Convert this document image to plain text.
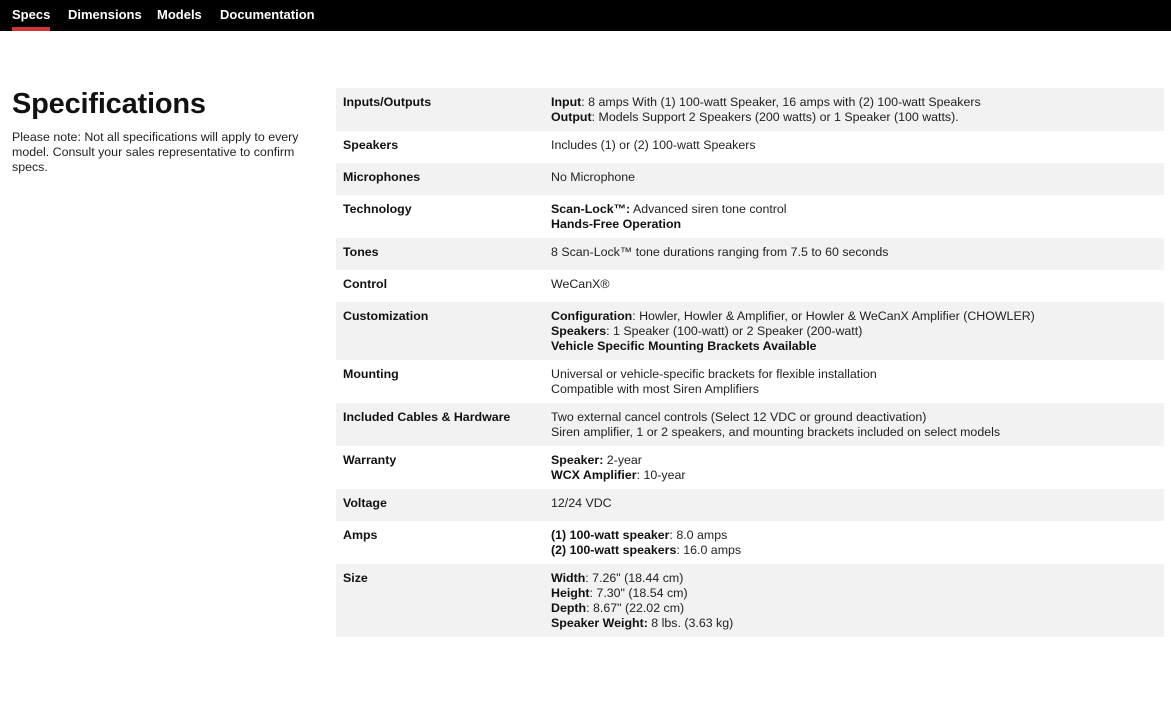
Specs Dimensions Models Documentation
Specifications
Please note: Not all specifications will apply to every model. Consult your sales representative to confirm specs.
Inputs/Outputs	Input: 8 amps With (1) 100-watt Speaker, 16 amps with (2) 100-watt Speakers
Output: Models Support 2 Speakers (200 watts) or 1 Speaker (100 watts).
Speakers	Includes (1) or (2) 100-watt Speakers
Microphones	No Microphone
Technology	Scan-Lock™: Advanced siren tone control
Hands-Free Operation
Tones	8 Scan-Lock™ tone durations ranging from 7.5 to 60 seconds
Control	WeCanX®
Customization	Configuration: Howler, Howler & Amplifier, or Howler & WeCanX Amplifier (CHOWLER)
Speakers: 1 Speaker (100-watt) or 2 Speaker (200-watt)
Vehicle Specific Mounting Brackets Available
Mounting	Universal or vehicle-specific brackets for flexible installation
Compatible with most Siren Amplifiers
Included Cables & Hardware	Two external cancel controls (Select 12 VDC or ground deactivation)
Siren amplifier, 1 or 2 speakers, and mounting brackets included on select models
Warranty	Speaker: 2-year
WCX Amplifier: 10-year
Voltage	12/24 VDC
Amps	(1) 100-watt speaker: 8.0 amps
(2) 100-watt speakers: 16.0 amps
Size	Width: 7.26" (18.44 cm)
Height: 7.30" (18.54 cm)
Depth: 8.67" (22.02 cm)
Speaker Weight: 8 lbs. (3.63 kg)
